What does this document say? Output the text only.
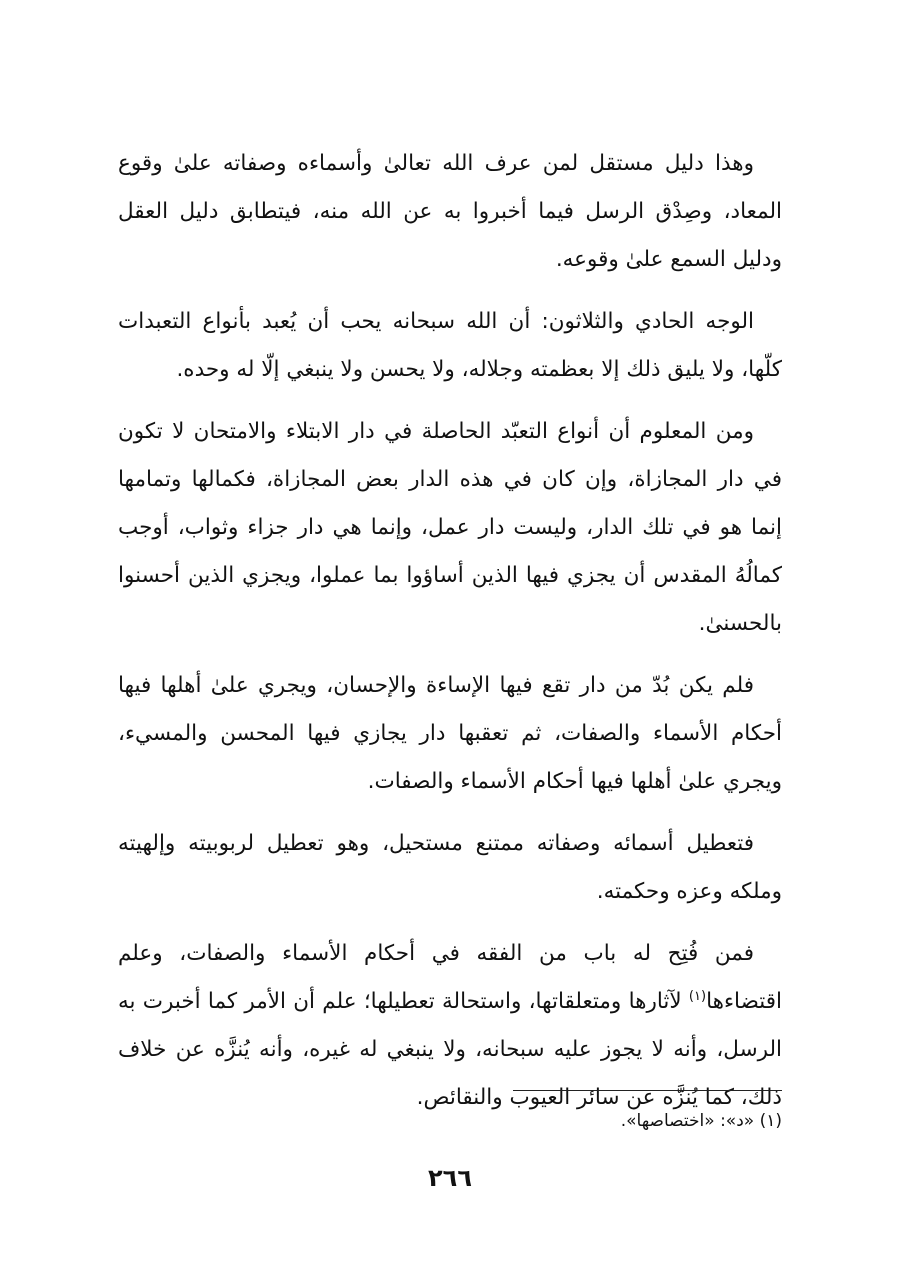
وهذا دليل مستقل لمن عرف الله تعالىٰ وأسماءه وصفاته علىٰ وقوع المعاد، وصِدْق الرسل فيما أخبروا به عن الله منه، فيتطابق دليل العقل ودليل السمع علىٰ وقوعه.

الوجه الحادي والثلاثون: أن الله سبحانه يحب أن يُعبد بأنواع التعبدات كلّها، ولا يليق ذلك إلا بعظمته وجلاله، ولا يحسن ولا ينبغي إلّا له وحده.

ومن المعلوم أن أنواع التعبّد الحاصلة في دار الابتلاء والامتحان لا تكون في دار المجازاة، وإن كان في هذه الدار بعض المجازاة، فكمالها وتمامها إنما هو في تلك الدار، وليست دار عمل، وإنما هي دار جزاء وثواب، أوجب كمالُهُ المقدس أن يجزي فيها الذين أساؤوا بما عملوا، ويجزي الذين أحسنوا بالحسنىٰ.

فلم يكن بُدّ من دار تقع فيها الإساءة والإحسان، ويجري علىٰ أهلها فيها أحكام الأسماء والصفات، ثم تعقبها دار يجازي فيها المحسن والمسيء، ويجري علىٰ أهلها فيها أحكام الأسماء والصفات.

فتعطيل أسمائه وصفاته ممتنع مستحيل، وهو تعطيل لربوبيته وإلهيته وملكه وعزه وحكمته.

فمن فُتِح له باب من الفقه في أحكام الأسماء والصفات، وعلم اقتضاءها$^{(١)}$ لآثارها ومتعلقاتها، واستحالة تعطيلها؛ علم أن الأمر كما أخبرت به الرسل، وأنه لا يجوز عليه سبحانه، ولا ينبغي له غيره، وأنه يُنزَّه عن خلاف ذلك، كما يُنزَّه عن سائر العيوب والنقائص.

(١) «د»: «اختصاصها».
٢٦٦
